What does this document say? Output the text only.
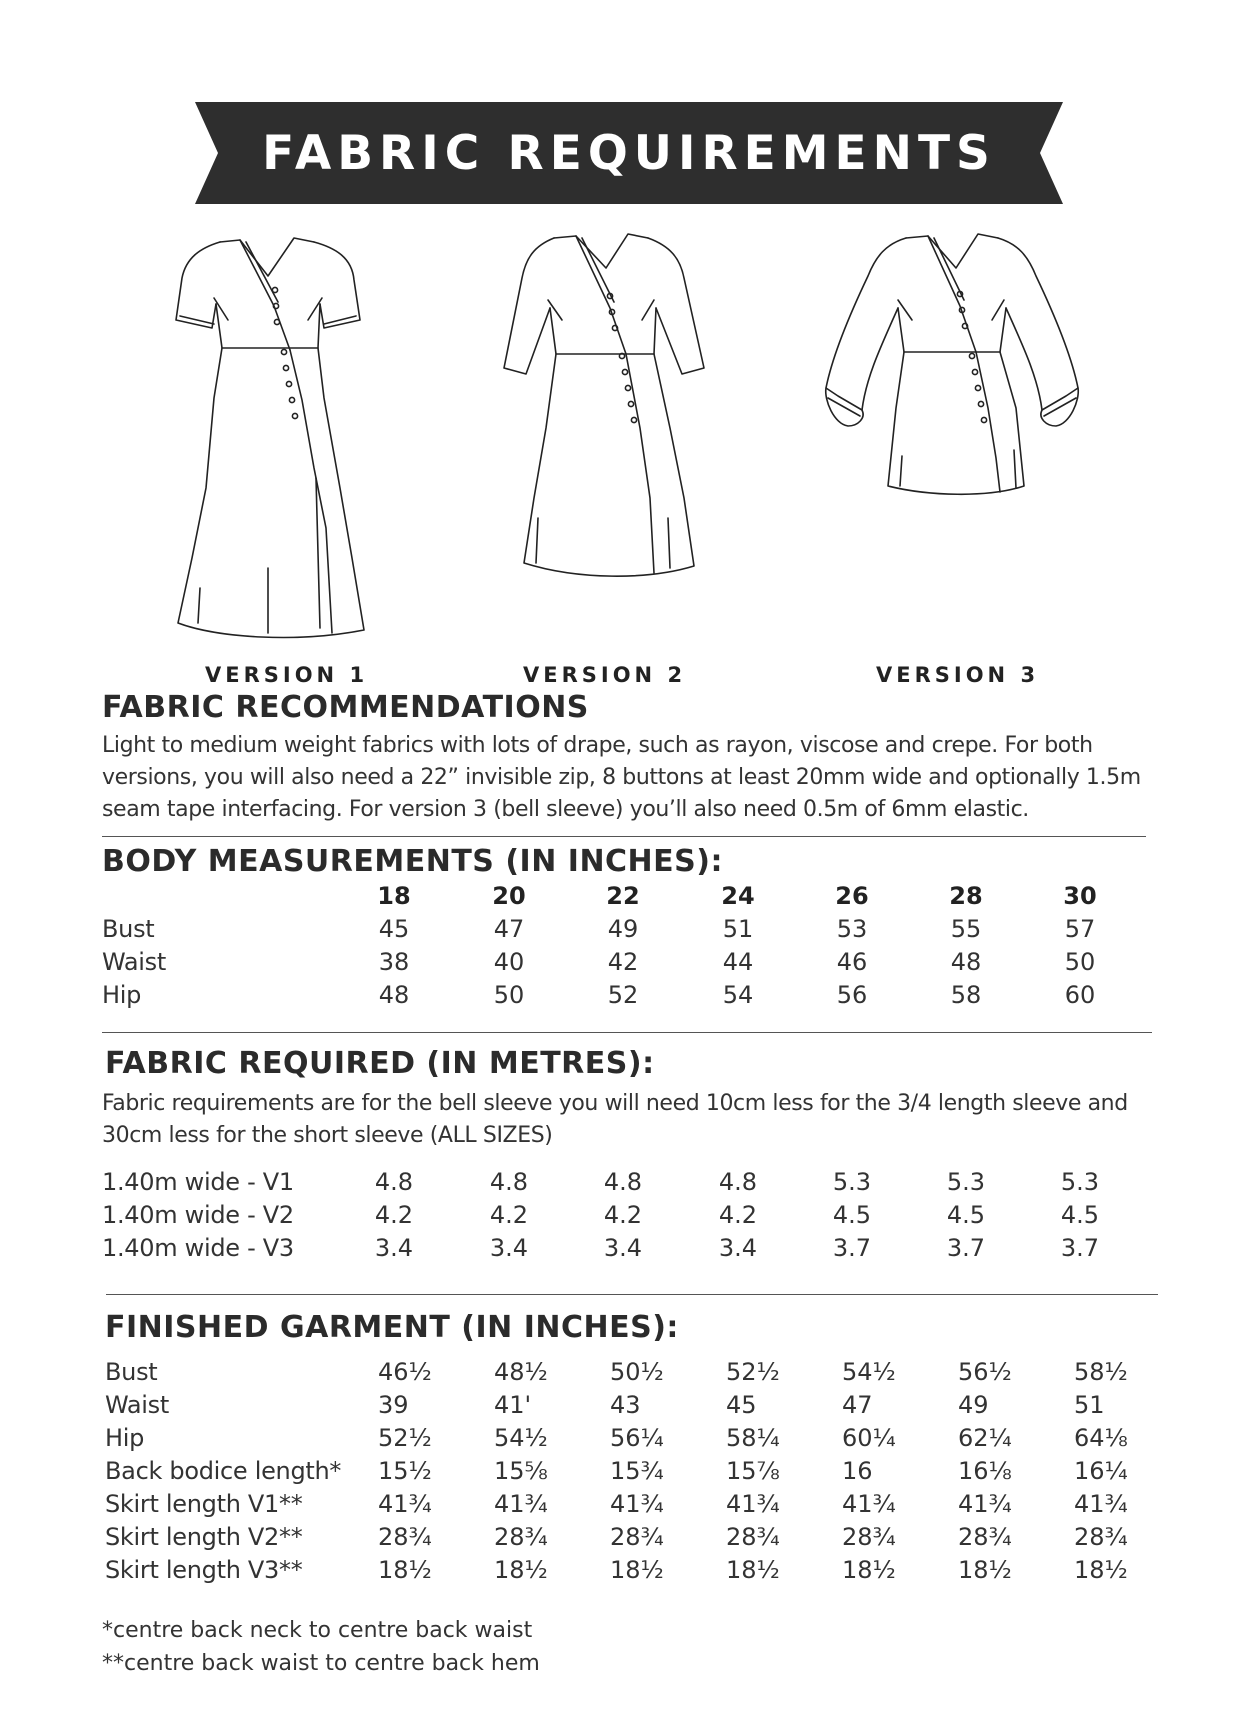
FABRIC REQUIREMENTS
VERSION 1	VERSION 2	VERSION 3
FABRIC RECOMMENDATIONS
Light to medium weight fabrics with lots of drape, such as rayon, viscose and crepe. For both versions, you will also need a 22” invisible zip, 8 buttons at least 20mm wide and optionally 1.5m seam tape interfacing. For version 3 (bell sleeve) you’ll also need 0.5m of 6mm elastic.
BODY MEASUREMENTS (IN INCHES):
18	20	22	24	26	28	30
Bust	45	47	49	51	53	55	57
Waist	38	40	42	44	46	48	50
Hip	48	50	52	54	56	58	60
FABRIC REQUIRED (IN METRES):
Fabric requirements are for the bell sleeve you will need 10cm less for the 3/4 length sleeve and 30cm less for the short sleeve (ALL SIZES)
1.40m wide - V1	4.8	4.8	4.8	4.8	5.3	5.3	5.3
1.40m wide - V2	4.2	4.2	4.2	4.2	4.5	4.5	4.5
1.40m wide - V3	3.4	3.4	3.4	3.4	3.7	3.7	3.7
FINISHED GARMENT (IN INCHES):
Bust	46½	48½	50½	52½	54½	56½	58½
Waist	39	41'	43	45	47	49	51
Hip	52½	54½	56¼	58¼	60¼	62¼	64⅛
Back bodice length* 15½	15⅝	15¾	15⅞	16	16⅛	16¼
Skirt length V1**	41¾	41¾	41¾	41¾	41¾	41¾	41¾
Skirt length V2**	28¾	28¾	28¾	28¾	28¾	28¾	28¾
Skirt length V3**	18½	18½	18½	18½	18½	18½	18½
*centre back neck to centre back waist
**centre back waist to centre back hem
